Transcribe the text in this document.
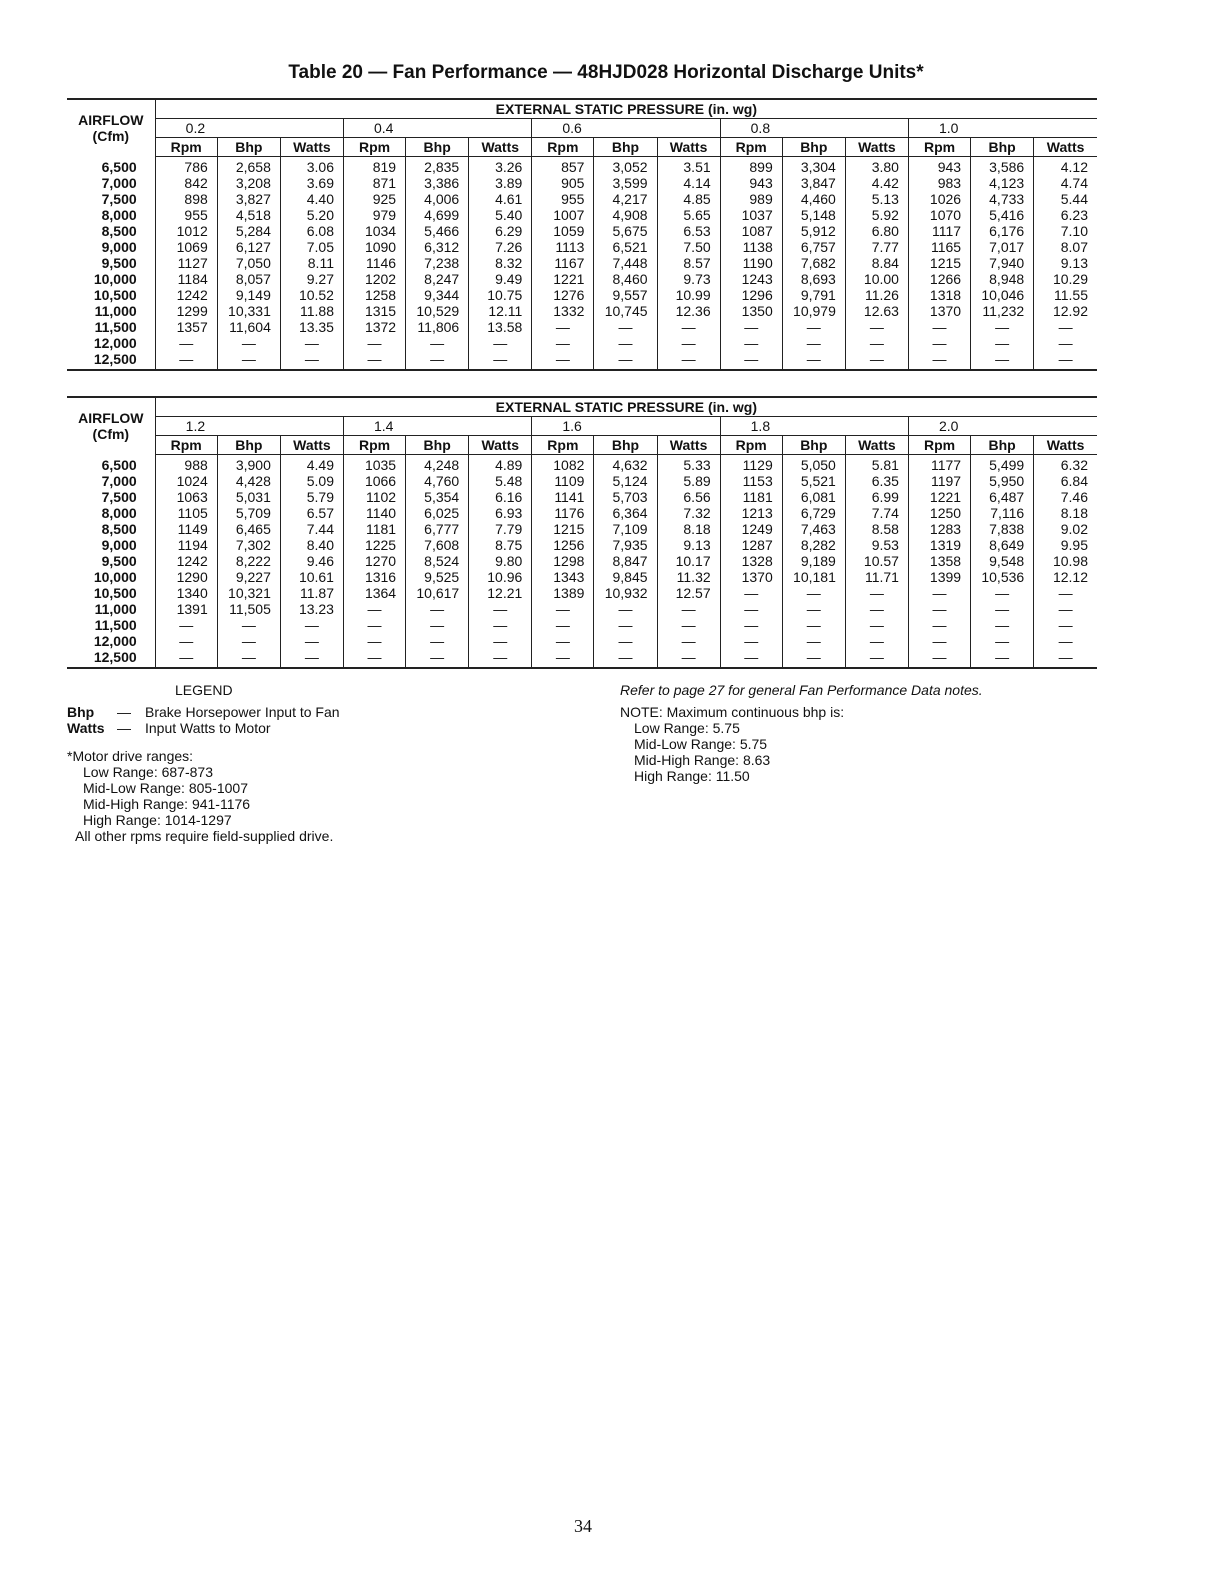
Table 20 — Fan Performance — 48HJD028 Horizontal Discharge Units*
AIRFLOW
(Cfm)	EXTERNAL STATIC PRESSURE (in. wg)														
	0.2			0.4			0.6			0.8			1.0		
	Rpm	Bhp	Watts	Rpm	Bhp	Watts	Rpm	Bhp	Watts	Rpm	Bhp	Watts	Rpm	Bhp	Watts
6,500	786	2,658	3.06	819	2,835	3.26	857	3,052	3.51	899	3,304	3.80	943	3,586	4.12
7,000	842	3,208	3.69	871	3,386	3.89	905	3,599	4.14	943	3,847	4.42	983	4,123	4.74
7,500	898	3,827	4.40	925	4,006	4.61	955	4,217	4.85	989	4,460	5.13	1026	4,733	5.44
8,000	955	4,518	5.20	979	4,699	5.40	1007	4,908	5.65	1037	5,148	5.92	1070	5,416	6.23
8,500	1012	5,284	6.08	1034	5,466	6.29	1059	5,675	6.53	1087	5,912	6.80	1117	6,176	7.10
9,000	1069	6,127	7.05	1090	6,312	7.26	1113	6,521	7.50	1138	6,757	7.77	1165	7,017	8.07
9,500	1127	7,050	8.11	1146	7,238	8.32	1167	7,448	8.57	1190	7,682	8.84	1215	7,940	9.13
10,000	1184	8,057	9.27	1202	8,247	9.49	1221	8,460	9.73	1243	8,693	10.00	1266	8,948	10.29
10,500	1242	9,149	10.52	1258	9,344	10.75	1276	9,557	10.99	1296	9,791	11.26	1318	10,046	11.55
11,000	1299	10,331	11.88	1315	10,529	12.11	1332	10,745	12.36	1350	10,979	12.63	1370	11,232	12.92
11,500	1357	11,604	13.35	1372	11,806	13.58	—	—	—	—	—	—	—	—	—
12,000	—	—	—	—	—	—	—	—	—	—	—	—	—	—	—
12,500	—	—	—	—	—	—	—	—	—	—	—	—	—	—	—
AIRFLOW
(Cfm)	EXTERNAL STATIC PRESSURE (in. wg)														
	1.2			1.4			1.6			1.8			2.0		
	Rpm	Bhp	Watts	Rpm	Bhp	Watts	Rpm	Bhp	Watts	Rpm	Bhp	Watts	Rpm	Bhp	Watts
6,500	988	3,900	4.49	1035	4,248	4.89	1082	4,632	5.33	1129	5,050	5.81	1177	5,499	6.32
7,000	1024	4,428	5.09	1066	4,760	5.48	1109	5,124	5.89	1153	5,521	6.35	1197	5,950	6.84
7,500	1063	5,031	5.79	1102	5,354	6.16	1141	5,703	6.56	1181	6,081	6.99	1221	6,487	7.46
8,000	1105	5,709	6.57	1140	6,025	6.93	1176	6,364	7.32	1213	6,729	7.74	1250	7,116	8.18
8,500	1149	6,465	7.44	1181	6,777	7.79	1215	7,109	8.18	1249	7,463	8.58	1283	7,838	9.02
9,000	1194	7,302	8.40	1225	7,608	8.75	1256	7,935	9.13	1287	8,282	9.53	1319	8,649	9.95
9,500	1242	8,222	9.46	1270	8,524	9.80	1298	8,847	10.17	1328	9,189	10.57	1358	9,548	10.98
10,000	1290	9,227	10.61	1316	9,525	10.96	1343	9,845	11.32	1370	10,181	11.71	1399	10,536	12.12
10,500	1340	10,321	11.87	1364	10,617	12.21	1389	10,932	12.57	—	—	—	—	—	—
11,000	1391	11,505	13.23	—	—	—	—	—	—	—	—	—	—	—	—
11,500	—	—	—	—	—	—	—	—	—	—	—	—	—	—	—
12,000	—	—	—	—	—	—	—	—	—	—	—	—	—	—	—
12,500	—	—	—	—	—	—	—	—	—	—	—	—	—	—	—
LEGEND
Bhp — Brake Horsepower Input to Fan
Watts — Input Watts to Motor
*Motor drive ranges:
Low Range: 687-873
Mid-Low Range: 805-1007
Mid-High Range: 941-1176
High Range: 1014-1297
All other rpms require field-supplied drive.
Refer to page 27 for general Fan Performance Data notes.
NOTE: Maximum continuous bhp is:
Low Range: 5.75
Mid-Low Range: 5.75
Mid-High Range: 8.63
High Range: 11.50
34
